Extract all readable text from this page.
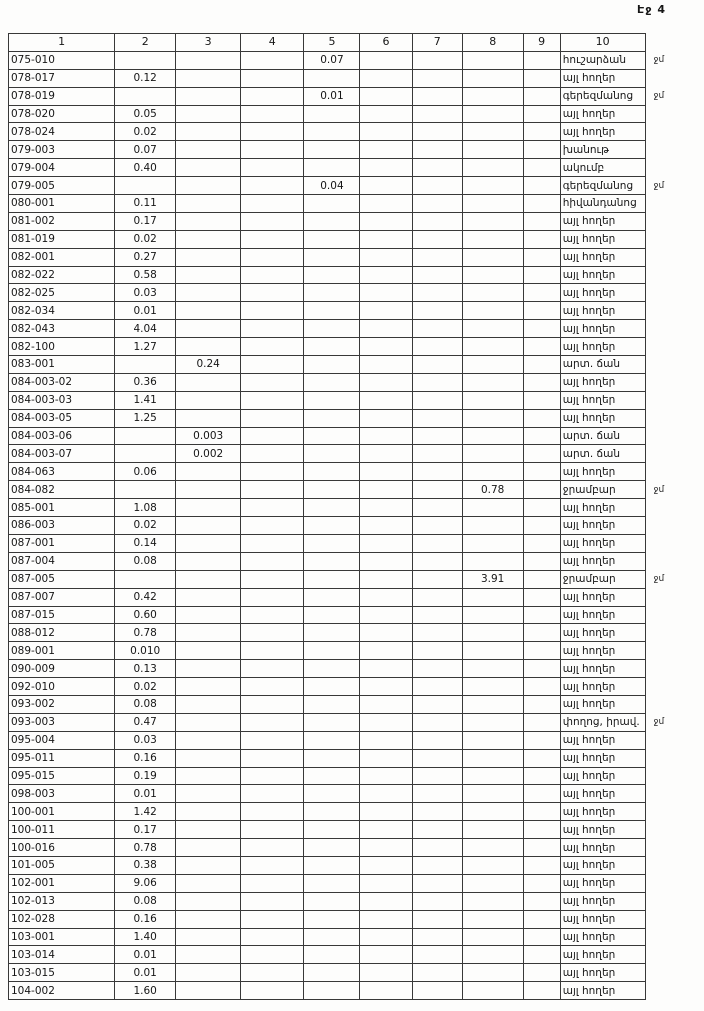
Էջ 4
1	2	3	4	5	6	7	8	9	10	
075-010				0.07					հուշարձան	ջմ
078-017	0.12								այլ հողեր	
078-019				0.01					գերեզմանոց	ջմ
078-020	0.05								այլ հողեր	
078-024	0.02								այլ հողեր	
079-003	0.07								խանութ	
079-004	0.40								ակումբ	
079-005				0.04					գերեզմանոց	ջմ
080-001	0.11								հիվանդանոց	
081-002	0.17								այլ հողեր	
081-019	0.02								այլ հողեր	
082-001	0.27								այլ հողեր	
082-022	0.58								այլ հողեր	
082-025	0.03								այլ հողեր	
082-034	0.01								այլ հողեր	
082-043	4.04								այլ հողեր	
082-100	1.27								այլ հողեր	
083-001		0.24							արտ. ճան	
084-003-02	0.36								այլ հողեր	
084-003-03	1.41								այլ հողեր	
084-003-05	1.25								այլ հողեր	
084-003-06		0.003							արտ. ճան	
084-003-07		0.002							արտ. ճան	
084-063	0.06								այլ հողեր	
084-082							0.78		ջրամբար	ջմ
085-001	1.08								այլ հողեր	
086-003	0.02								այլ հողեր	
087-001	0.14								այլ հողեր	
087-004	0.08								այլ հողեր	
087-005							3.91		ջրամբար	ջմ
087-007	0.42								այլ հողեր	
087-015	0.60								այլ հողեր	
088-012	0.78								այլ հողեր	
089-001	0.010								այլ հողեր	
090-009	0.13								այլ հողեր	
092-010	0.02								այլ հողեր	
093-002	0.08								այլ հողեր	
093-003	0.47								փողոց, իրավ.	ջմ
095-004	0.03								այլ հողեր	
095-011	0.16								այլ հողեր	
095-015	0.19								այլ հողեր	
098-003	0.01								այլ հողեր	
100-001	1.42								այլ հողեր	
100-011	0.17								այլ հողեր	
100-016	0.78								այլ հողեր	
101-005	0.38								այլ հողեր	
102-001	9.06								այլ հողեր	
102-013	0.08								այլ հողեր	
102-028	0.16								այլ հողեր	
103-001	1.40								այլ հողեր	
103-014	0.01								այլ հողեր	
103-015	0.01								այլ հողեր	
104-002	1.60								այլ հողեր	
